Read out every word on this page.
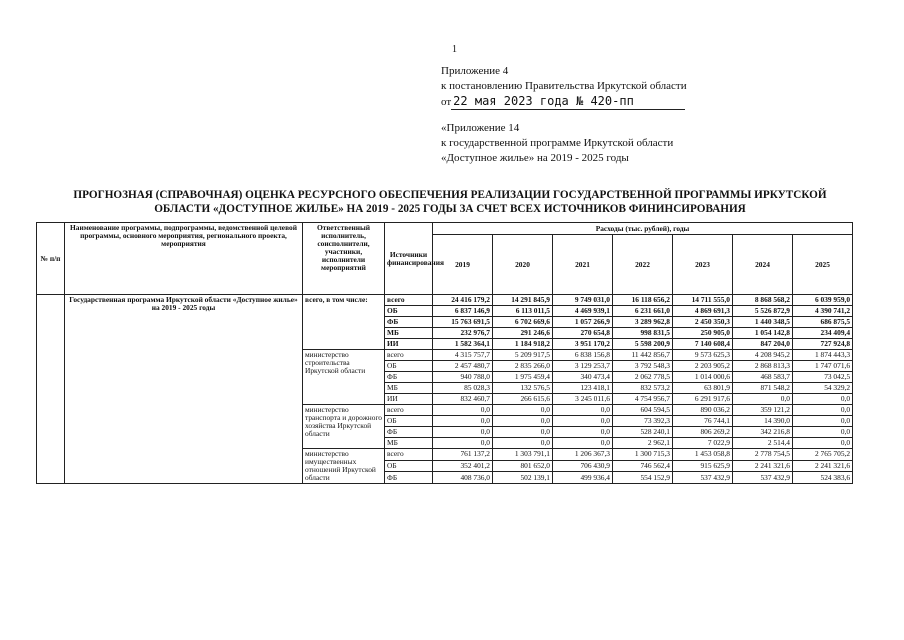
1
Приложение 4
к постановлению Правительства Иркутской области
от 22 мая 2023 года № 420-пп
«Приложение 14
к государственной программе Иркутской области
«Доступное жилье» на 2019 - 2025 годы
ПРОГНОЗНАЯ (СПРАВОЧНАЯ) ОЦЕНКА РЕСУРСНОГО ОБЕСПЕЧЕНИЯ РЕАЛИЗАЦИИ ГОСУДАРСТВЕННОЙ ПРОГРАММЫ ИРКУТСКОЙ
ОБЛАСТИ «ДОСТУПНОЕ ЖИЛЬЕ» НА 2019 - 2025 ГОДЫ ЗА СЧЕТ ВСЕХ ИСТОЧНИКОВ ФИНИНСИРОВАНИЯ
№ п/п	Наименование программы, подпрограммы, ведомственной целевой программы, основного мероприятия, регионального проекта, мероприятия	Ответственный исполнитель, соисполнители, участники, исполнители мероприятий	Источники финансирования	Расходы (тыс. рублей), годы						
				2019	2020	2021	2022	2023	2024	2025
	Государственная программа Иркутской области «Доступное жилье» на 2019 - 2025 годы	всего, в том числе:	всего	24 416 179,2	14 291 845,9	9 749 031,0	16 118 656,2	14 711 555,0	8 868 568,2	6 039 959,0
			ОБ	6 837 146,9	6 113 011,5	4 469 939,1	6 231 661,0	4 869 691,3	5 526 872,9	4 390 741,2
			ФБ	15 763 691,5	6 702 669,6	1 057 266,9	3 289 962,8	2 450 350,3	1 440 348,5	686 875,5
			МБ	232 976,7	291 246,6	270 654,8	998 831,5	250 905,0	1 054 142,8	234 409,4
			ИИ	1 582 364,1	1 184 918,2	3 951 170,2	5 598 200,9	7 140 608,4	847 204,0	727 924,8
		министерство строительства Иркутской области	всего	4 315 757,7	5 209 917,5	6 838 156,8	11 442 856,7	9 573 625,3	4 208 945,2	1 874 443,3
			ОБ	2 457 480,7	2 835 266,0	3 129 253,7	3 792 548,3	2 203 905,2	2 868 813,3	1 747 071,6
			ФБ	940 788,0	1 975 459,4	340 473,4	2 062 778,5	1 014 000,6	468 583,7	73 042,5
			МБ	85 028,3	132 576,5	123 418,1	832 573,2	63 801,9	871 548,2	54 329,2
			ИИ	832 460,7	266 615,6	3 245 011,6	4 754 956,7	6 291 917,6	0,0	0,0
		министерство транспорта и дорожного хозяйства Иркутской области	всего	0,0	0,0	0,0	604 594,5	890 036,2	359 121,2	0,0
			ОБ	0,0	0,0	0,0	73 392,3	76 744,1	14 390,0	0,0
			ФБ	0,0	0,0	0,0	528 240,1	806 269,2	342 216,8	0,0
			МБ	0,0	0,0	0,0	2 962,1	7 022,9	2 514,4	0,0
		министерство имущественных отношений Иркутской области	всего	761 137,2	1 303 791,1	1 206 367,3	1 300 715,3	1 453 058,8	2 778 754,5	2 765 705,2
			ОБ	352 401,2	801 652,0	706 430,9	746 562,4	915 625,9	2 241 321,6	2 241 321,6
			ФБ	408 736,0	502 139,1	499 936,4	554 152,9	537 432,9	537 432,9	524 383,6
